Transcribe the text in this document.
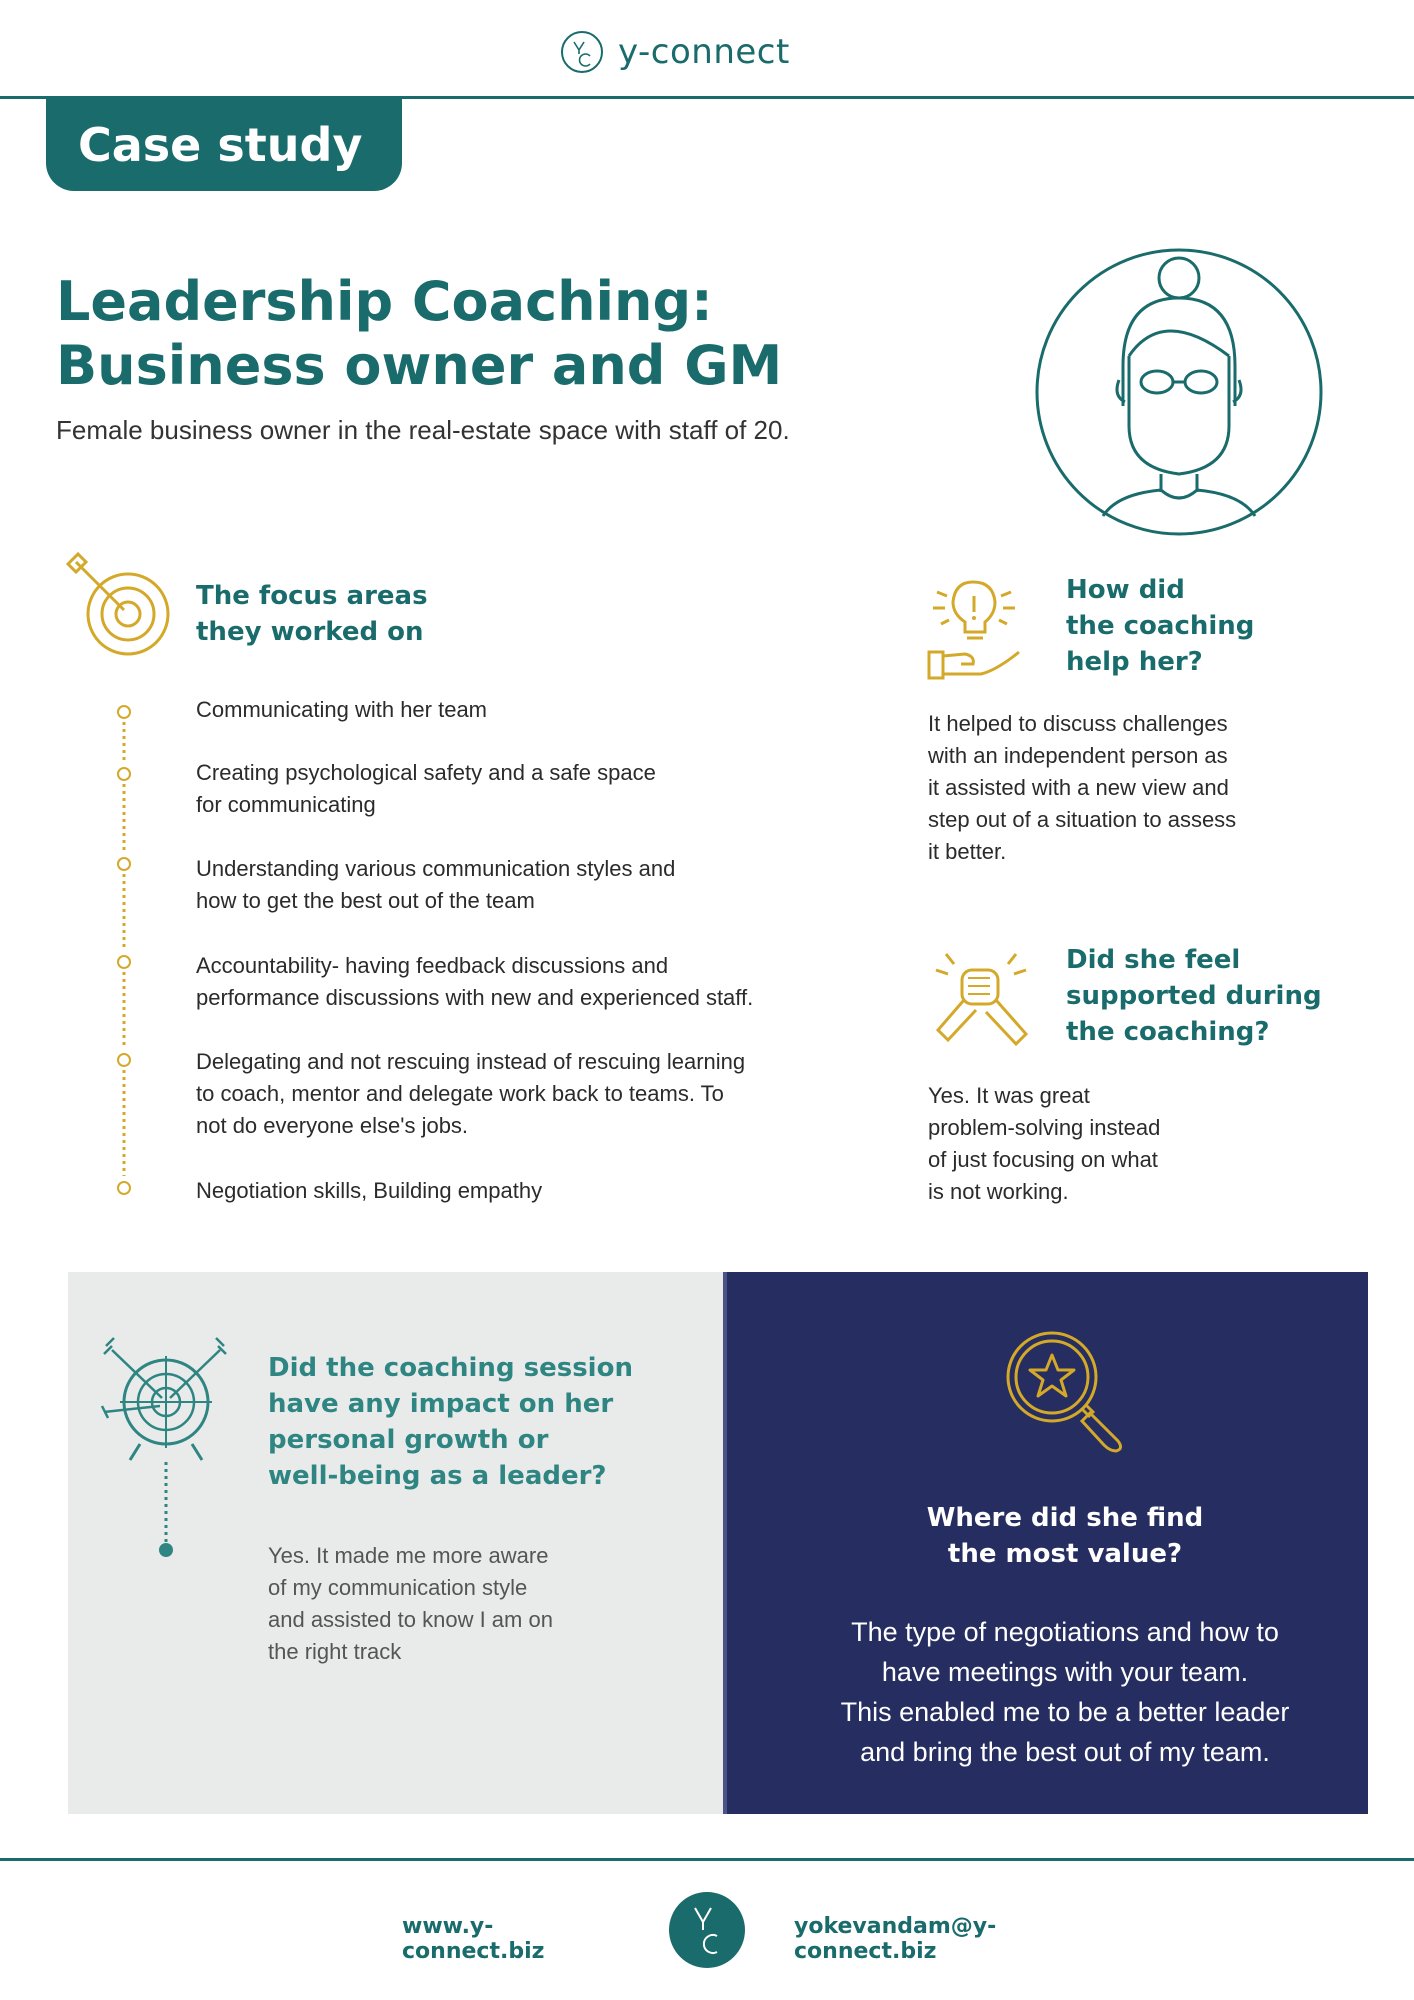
y-connect
Case study
Leadership Coaching:
Business owner and GM
Female business owner in the real-estate space with staff of 20.
The focus areas
they worked on
Communicating with her team
Creating psychological safety and a safe space
for communicating
Understanding various communication styles and
how to get the best out of the team
Accountability- having feedback discussions and
performance discussions with new and experienced staff.
Delegating and not rescuing instead of rescuing learning
to coach, mentor and delegate work back to teams. To
not do everyone else's jobs.
Negotiation skills, Building empathy
How did
the coaching
help her?
It helped to discuss challenges
with an independent person as
it assisted with a new view and
step out of a situation to assess
it better.
Did she feel
supported during
the coaching?
Yes. It was great
problem-solving instead
of just focusing on what
is not working.
Did the coaching session
have any impact on her
personal growth or
well-being as a leader?
Yes. It made me more aware
of my communication style
and assisted to know I am on
the right track
Where did she find
the most value?
The type of negotiations and how to
have meetings with your team.
This enabled me to be a better leader
and bring the best out of my team.
www.y-connect.biz
yokevandam@y-connect.biz
